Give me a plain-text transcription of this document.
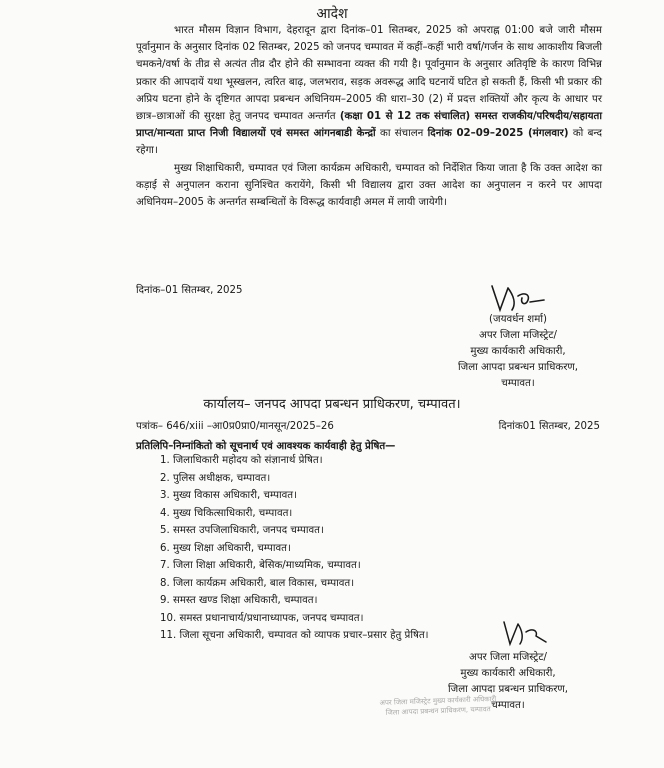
आदेश

भारत मौसम विज्ञान विभाग, देहरादून द्वारा दिनांक–01 सितम्बर, 2025 को अपराह्न 01:00 बजे जारी मौसम पूर्वानुमान के अनुसार दिनांक 02 सितम्बर, 2025 को जनपद चम्पावत में कहीं–कहीं भारी वर्षा/गर्जन के साथ आकाशीय बिजली चमकने/वर्षा के तीव्र से अत्यंत तीव्र दौर होने की सम्भावना व्यक्त की गयी है। पूर्वानुमान के अनुसार अतिवृष्टि के कारण विभिन्न प्रकार की आपदायें यथा भूस्खलन, त्वरित बाढ़, जलभराव, सड़क अवरूद्ध आदि घटनायें घटित हो सकती हैं, किसी भी प्रकार की अप्रिय घटना होने के दृष्टिगत आपदा प्रबन्धन अधिनियम–2005 की धारा–30 (2) में प्रदत्त शक्तियों और कृत्य के आधार पर छात्र–छात्राओं की सुरक्षा हेतु जनपद चम्पावत अन्तर्गत (कक्षा 01 से 12 तक संचालित) समस्त राजकीय/परिषदीय/सहायता प्राप्त/मान्यता प्राप्त निजी विद्यालयों एवं समस्त आंगनबाडी केन्द्रों का संचालन दिनांक 02–09–2025 (मंगलवार) को बन्द रहेगा।

मुख्य शिक्षाधिकारी, चम्पावत एवं जिला कार्यक्रम अधिकारी, चम्पावत को निर्देशित किया जाता है कि उक्त आदेश का कड़ाई से अनुपालन कराना सुनिश्चित करायेंगे, किसी भी विद्यालय द्वारा उक्त आदेश का अनुपालन न करने पर आपदा अधिनियम–2005 के अन्तर्गत सम्बन्धितों के विरूद्ध कार्यवाही अमल में लायी जायेगी।

दिनांक–01 सितम्बर, 2025
(जयवर्धन शर्मा)
अपर जिला मजिस्ट्रेट/
मुख्य कार्यकारी अधिकारी,
जिला आपदा प्रबन्धन प्राधिकरण,
चम्पावत।
कार्यालय– जनपद आपदा प्रबन्धन प्राधिकरण, चम्पावत।
पत्रांक– 646/xiii –आ0प्र0प्रा0/मानसून/2025–26	दिनांक01 सितम्बर, 2025
प्रतिलिपि–निम्नांकितो को सूचनार्थ एवं आवश्यक कार्यवाही हेतु प्रेषित—
1. जिलाधिकारी महोदय को संज्ञानार्थ प्रेषित।
2. पुलिस अधीक्षक, चम्पावत।
3. मुख्य विकास अधिकारी, चम्पावत।
4. मुख्य चिकित्साधिकारी, चम्पावत।
5. समस्त उपजिलाधिकारी, जनपद चम्पावत।
6. मुख्य शिक्षा अधिकारी, चम्पावत।
7. जिला शिक्षा अधिकारी, बेसिक/माध्यमिक, चम्पावत।
8. जिला कार्यक्रम अधिकारी, बाल विकास, चम्पावत।
9. समस्त खण्ड शिक्षा अधिकारी, चम्पावत।
10. समस्त प्रधानाचार्य/प्रधानाध्यापक, जनपद चम्पावत।
11. जिला सूचना अधिकारी, चम्पावत को व्यापक प्रचार–प्रसार हेतु प्रेषित।
अपर जिला मजिस्ट्रेट/
मुख्य कार्यकारी अधिकारी,
जिला आपदा प्रबन्धन प्राधिकरण,
चम्पावत।
अपर जिला मजिस्ट्रेट मुख्य कार्यकारी अधिकारी जिला आपदा प्रबन्धन प्राधिकरण, चम्पावत
